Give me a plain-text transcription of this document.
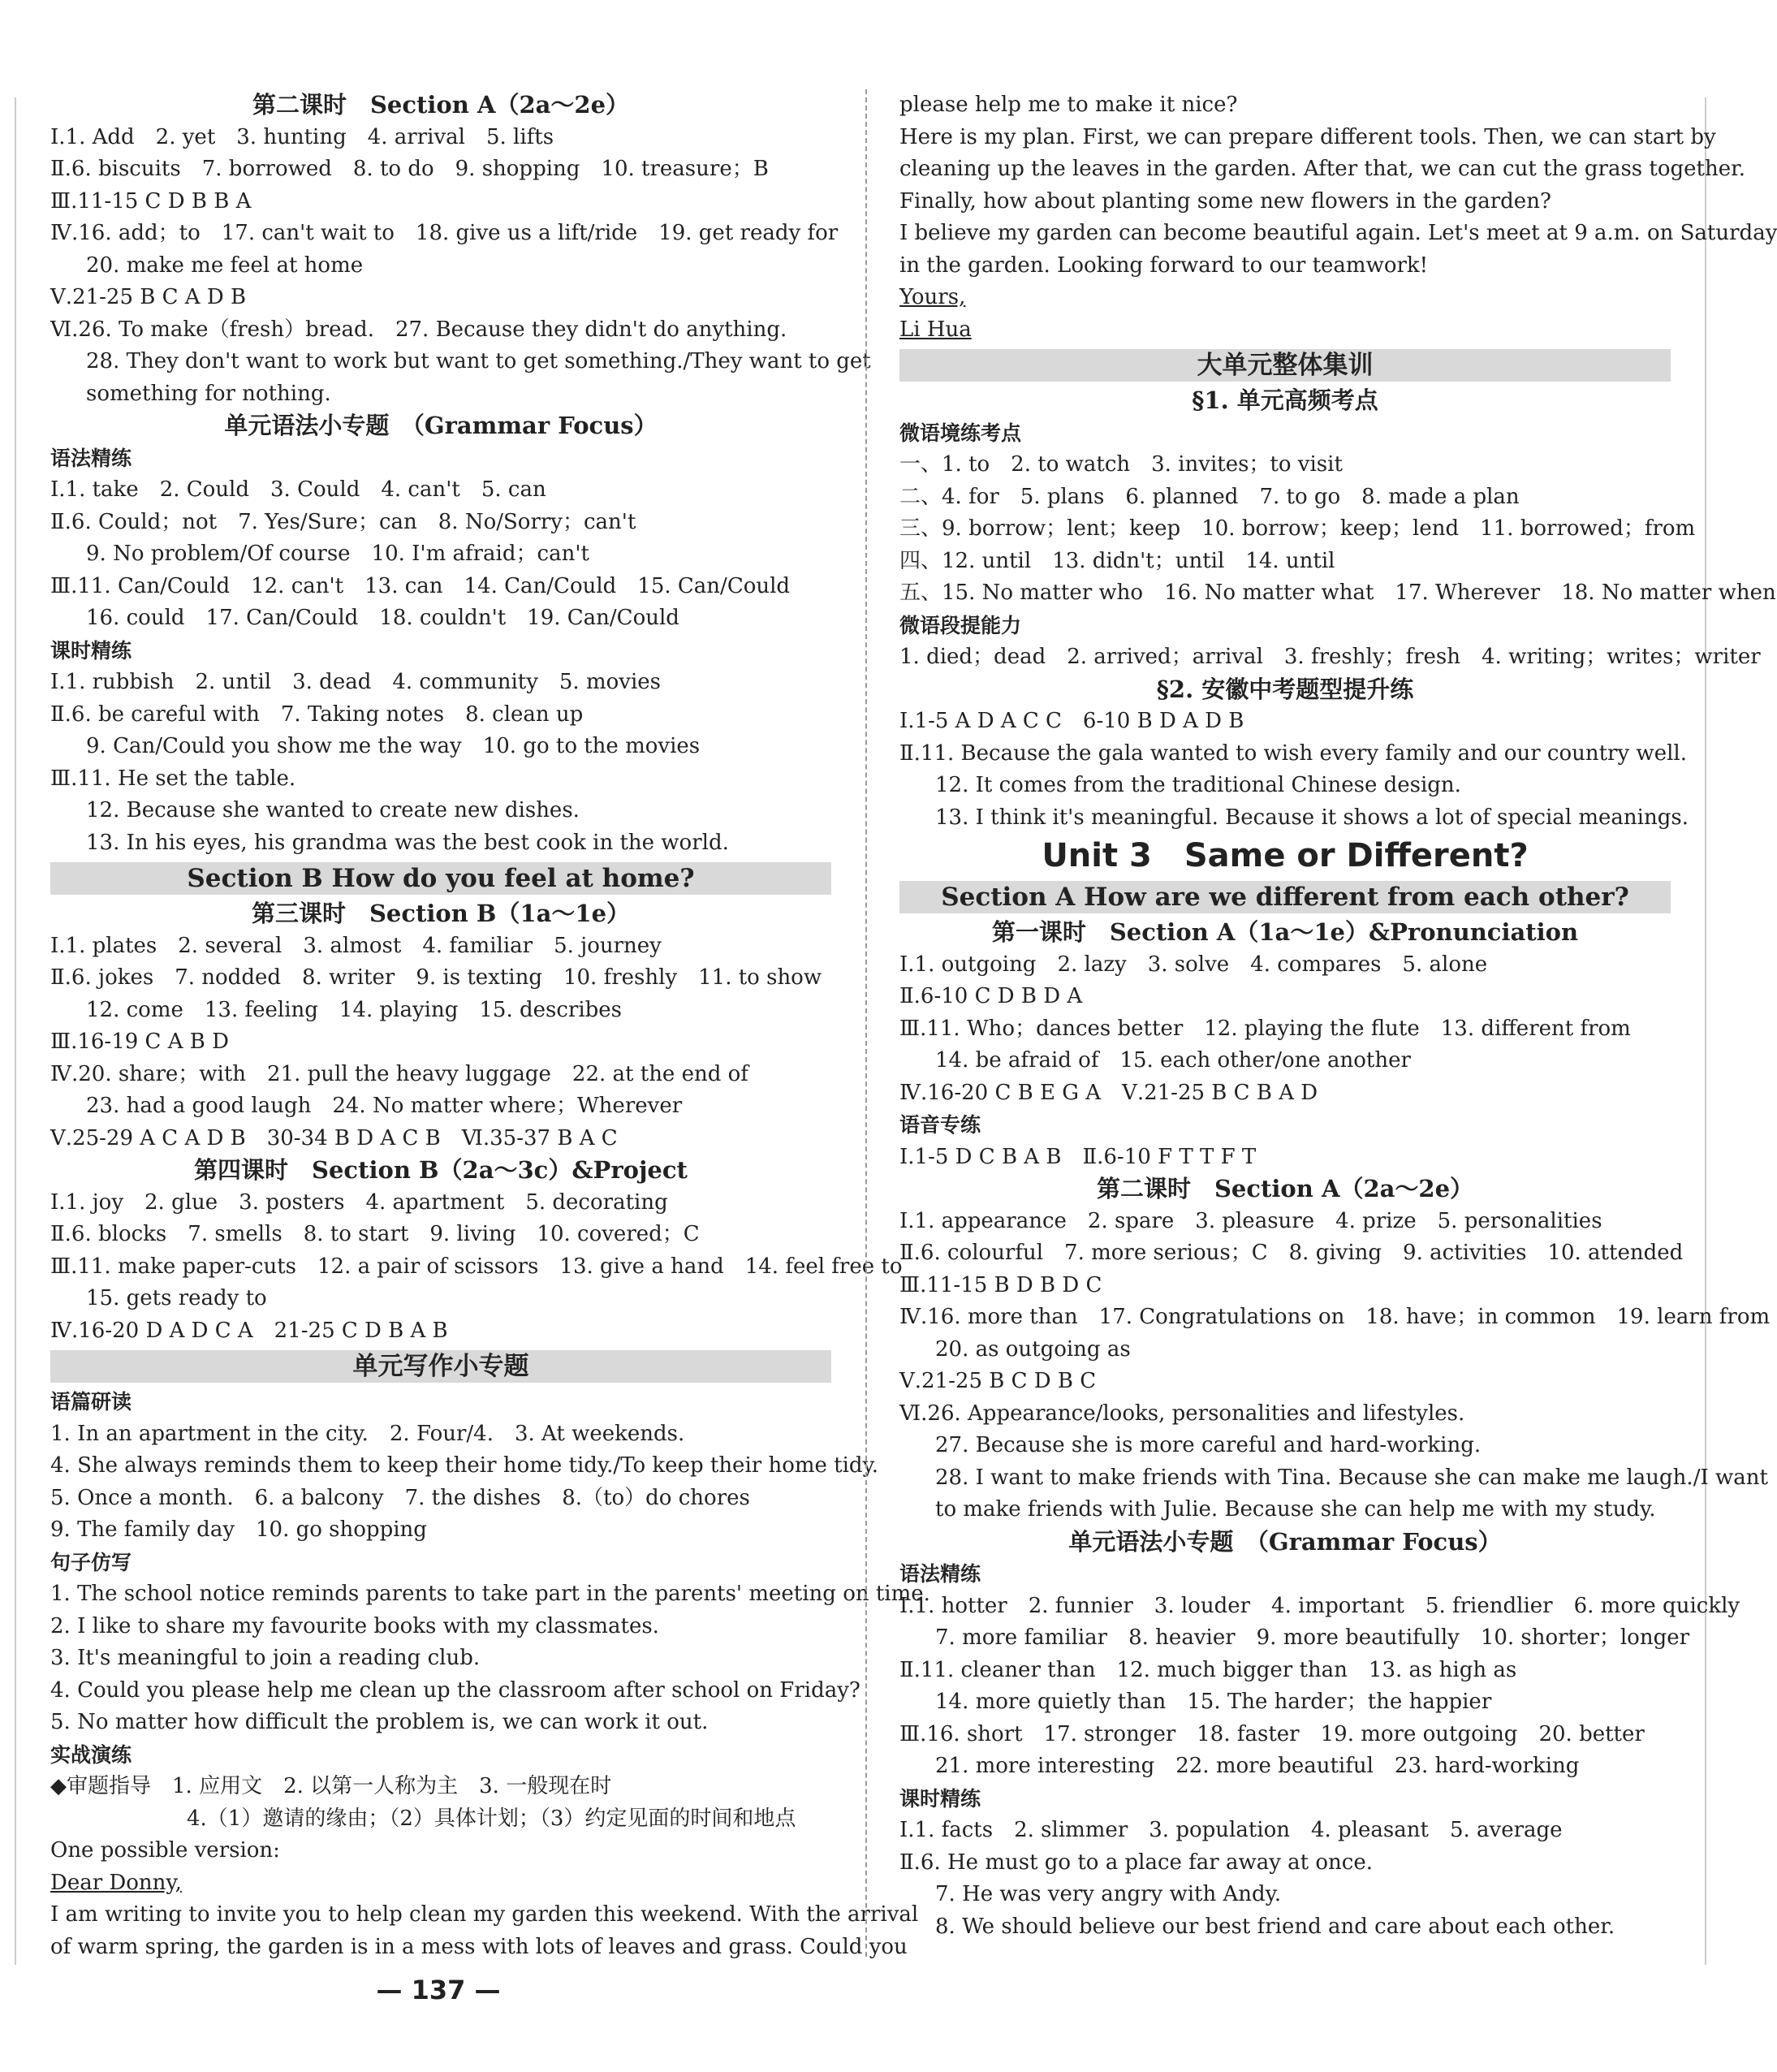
第二课时　Section A（2a～2e）
Ⅰ.1. Add　2. yet　3. hunting　4. arrival　5. lifts
Ⅱ.6. biscuits　7. borrowed　8. to do　9. shopping　10. treasure；B
Ⅲ.11-15 C D B B A
Ⅳ.16. add；to　17. can't wait to　18. give us a lift/ride　19. get ready for
20. make me feel at home
Ⅴ.21-25 B C A D B
Ⅵ.26. To make（fresh）bread.　27. Because they didn't do anything.
28. They don't want to work but want to get something./They want to get
something for nothing.
单元语法小专题　（Grammar Focus）
语法精练
Ⅰ.1. take　2. Could　3. Could　4. can't　5. can
Ⅱ.6. Could；not　7. Yes/Sure；can　8. No/Sorry；can't
9. No problem/Of course　10. I'm afraid；can't
Ⅲ.11. Can/Could　12. can't　13. can　14. Can/Could　15. Can/Could
16. could　17. Can/Could　18. couldn't　19. Can/Could
课时精练
Ⅰ.1. rubbish　2. until　3. dead　4. community　5. movies
Ⅱ.6. be careful with　7. Taking notes　8. clean up
9. Can/Could you show me the way　10. go to the movies
Ⅲ.11. He set the table.
12. Because she wanted to create new dishes.
13. In his eyes, his grandma was the best cook in the world.
Section B How do you feel at home?
第三课时　Section B（1a～1e）
Ⅰ.1. plates　2. several　3. almost　4. familiar　5. journey
Ⅱ.6. jokes　7. nodded　8. writer　9. is texting　10. freshly　11. to show
12. come　13. feeling　14. playing　15. describes
Ⅲ.16-19 C A B D
Ⅳ.20. share；with　21. pull the heavy luggage　22. at the end of
23. had a good laugh　24. No matter where；Wherever
Ⅴ.25-29 A C A D B　30-34 B D A C B　Ⅵ.35-37 B A C
第四课时　Section B（2a～3c）&Project
Ⅰ.1. joy　2. glue　3. posters　4. apartment　5. decorating
Ⅱ.6. blocks　7. smells　8. to start　9. living　10. covered；C
Ⅲ.11. make paper-cuts　12. a pair of scissors　13. give a hand　14. feel free to
15. gets ready to
Ⅳ.16-20 D A D C A　21-25 C D B A B
单元写作小专题
语篇研读
1. In an apartment in the city.　2. Four/4.　3. At weekends.
4. She always reminds them to keep their home tidy./To keep their home tidy.
5. Once a month.　6. a balcony　7. the dishes　8.（to）do chores
9. The family day　10. go shopping
句子仿写
1. The school notice reminds parents to take part in the parents' meeting on time.
2. I like to share my favourite books with my classmates.
3. It's meaningful to join a reading club.
4. Could you please help me clean up the classroom after school on Friday?
5. No matter how difficult the problem is, we can work it out.
实战演练
◆审题指导　1. 应用文　2. 以第一人称为主　3. 一般现在时
4.（1）邀请的缘由；（2）具体计划；（3）约定见面的时间和地点
One possible version:
Dear Donny,
I am writing to invite you to help clean my garden this weekend. With the arrival
of warm spring, the garden is in a mess with lots of leaves and grass. Could you
please help me to make it nice?
Here is my plan. First, we can prepare different tools. Then, we can start by
cleaning up the leaves in the garden. After that, we can cut the grass together.
Finally, how about planting some new flowers in the garden?
I believe my garden can become beautiful again. Let's meet at 9 a.m. on Saturday
in the garden. Looking forward to our teamwork!
Yours,
Li Hua
大单元整体集训
§1. 单元高频考点
微语境练考点
一、1. to　2. to watch　3. invites；to visit
二、4. for　5. plans　6. planned　7. to go　8. made a plan
三、9. borrow；lent；keep　10. borrow；keep；lend　11. borrowed；from
四、12. until　13. didn't；until　14. until
五、15. No matter who　16. No matter what　17. Wherever　18. No matter when
微语段提能力
1. died；dead　2. arrived；arrival　3. freshly；fresh　4. writing；writes；writer
§2. 安徽中考题型提升练
Ⅰ.1-5 A D A C C　6-10 B D A D B
Ⅱ.11. Because the gala wanted to wish every family and our country well.
12. It comes from the traditional Chinese design.
13. I think it's meaningful. Because it shows a lot of special meanings.
Unit 3　Same or Different?
Section A How are we different from each other?
第一课时　Section A（1a～1e）&Pronunciation
Ⅰ.1. outgoing　2. lazy　3. solve　4. compares　5. alone
Ⅱ.6-10 C D B D A
Ⅲ.11. Who；dances better　12. playing the flute　13. different from
14. be afraid of　15. each other/one another
Ⅳ.16-20 C B E G A　Ⅴ.21-25 B C B A D
语音专练
Ⅰ.1-5 D C B A B　Ⅱ.6-10 F T T F T
第二课时　Section A（2a～2e）
Ⅰ.1. appearance　2. spare　3. pleasure　4. prize　5. personalities
Ⅱ.6. colourful　7. more serious；C　8. giving　9. activities　10. attended
Ⅲ.11-15 B D B D C
Ⅳ.16. more than　17. Congratulations on　18. have；in common　19. learn from
20. as outgoing as
Ⅴ.21-25 B C D B C
Ⅵ.26. Appearance/looks, personalities and lifestyles.
27. Because she is more careful and hard-working.
28. I want to make friends with Tina. Because she can make me laugh./I want
to make friends with Julie. Because she can help me with my study.
单元语法小专题　（Grammar Focus）
语法精练
Ⅰ.1. hotter　2. funnier　3. louder　4. important　5. friendlier　6. more quickly
7. more familiar　8. heavier　9. more beautifully　10. shorter；longer
Ⅱ.11. cleaner than　12. much bigger than　13. as high as
14. more quietly than　15. The harder；the happier
Ⅲ.16. short　17. stronger　18. faster　19. more outgoing　20. better
21. more interesting　22. more beautiful　23. hard-working
课时精练
Ⅰ.1. facts　2. slimmer　3. population　4. pleasant　5. average
Ⅱ.6. He must go to a place far away at once.
7. He was very angry with Andy.
8. We should believe our best friend and care about each other.
— 137 —
